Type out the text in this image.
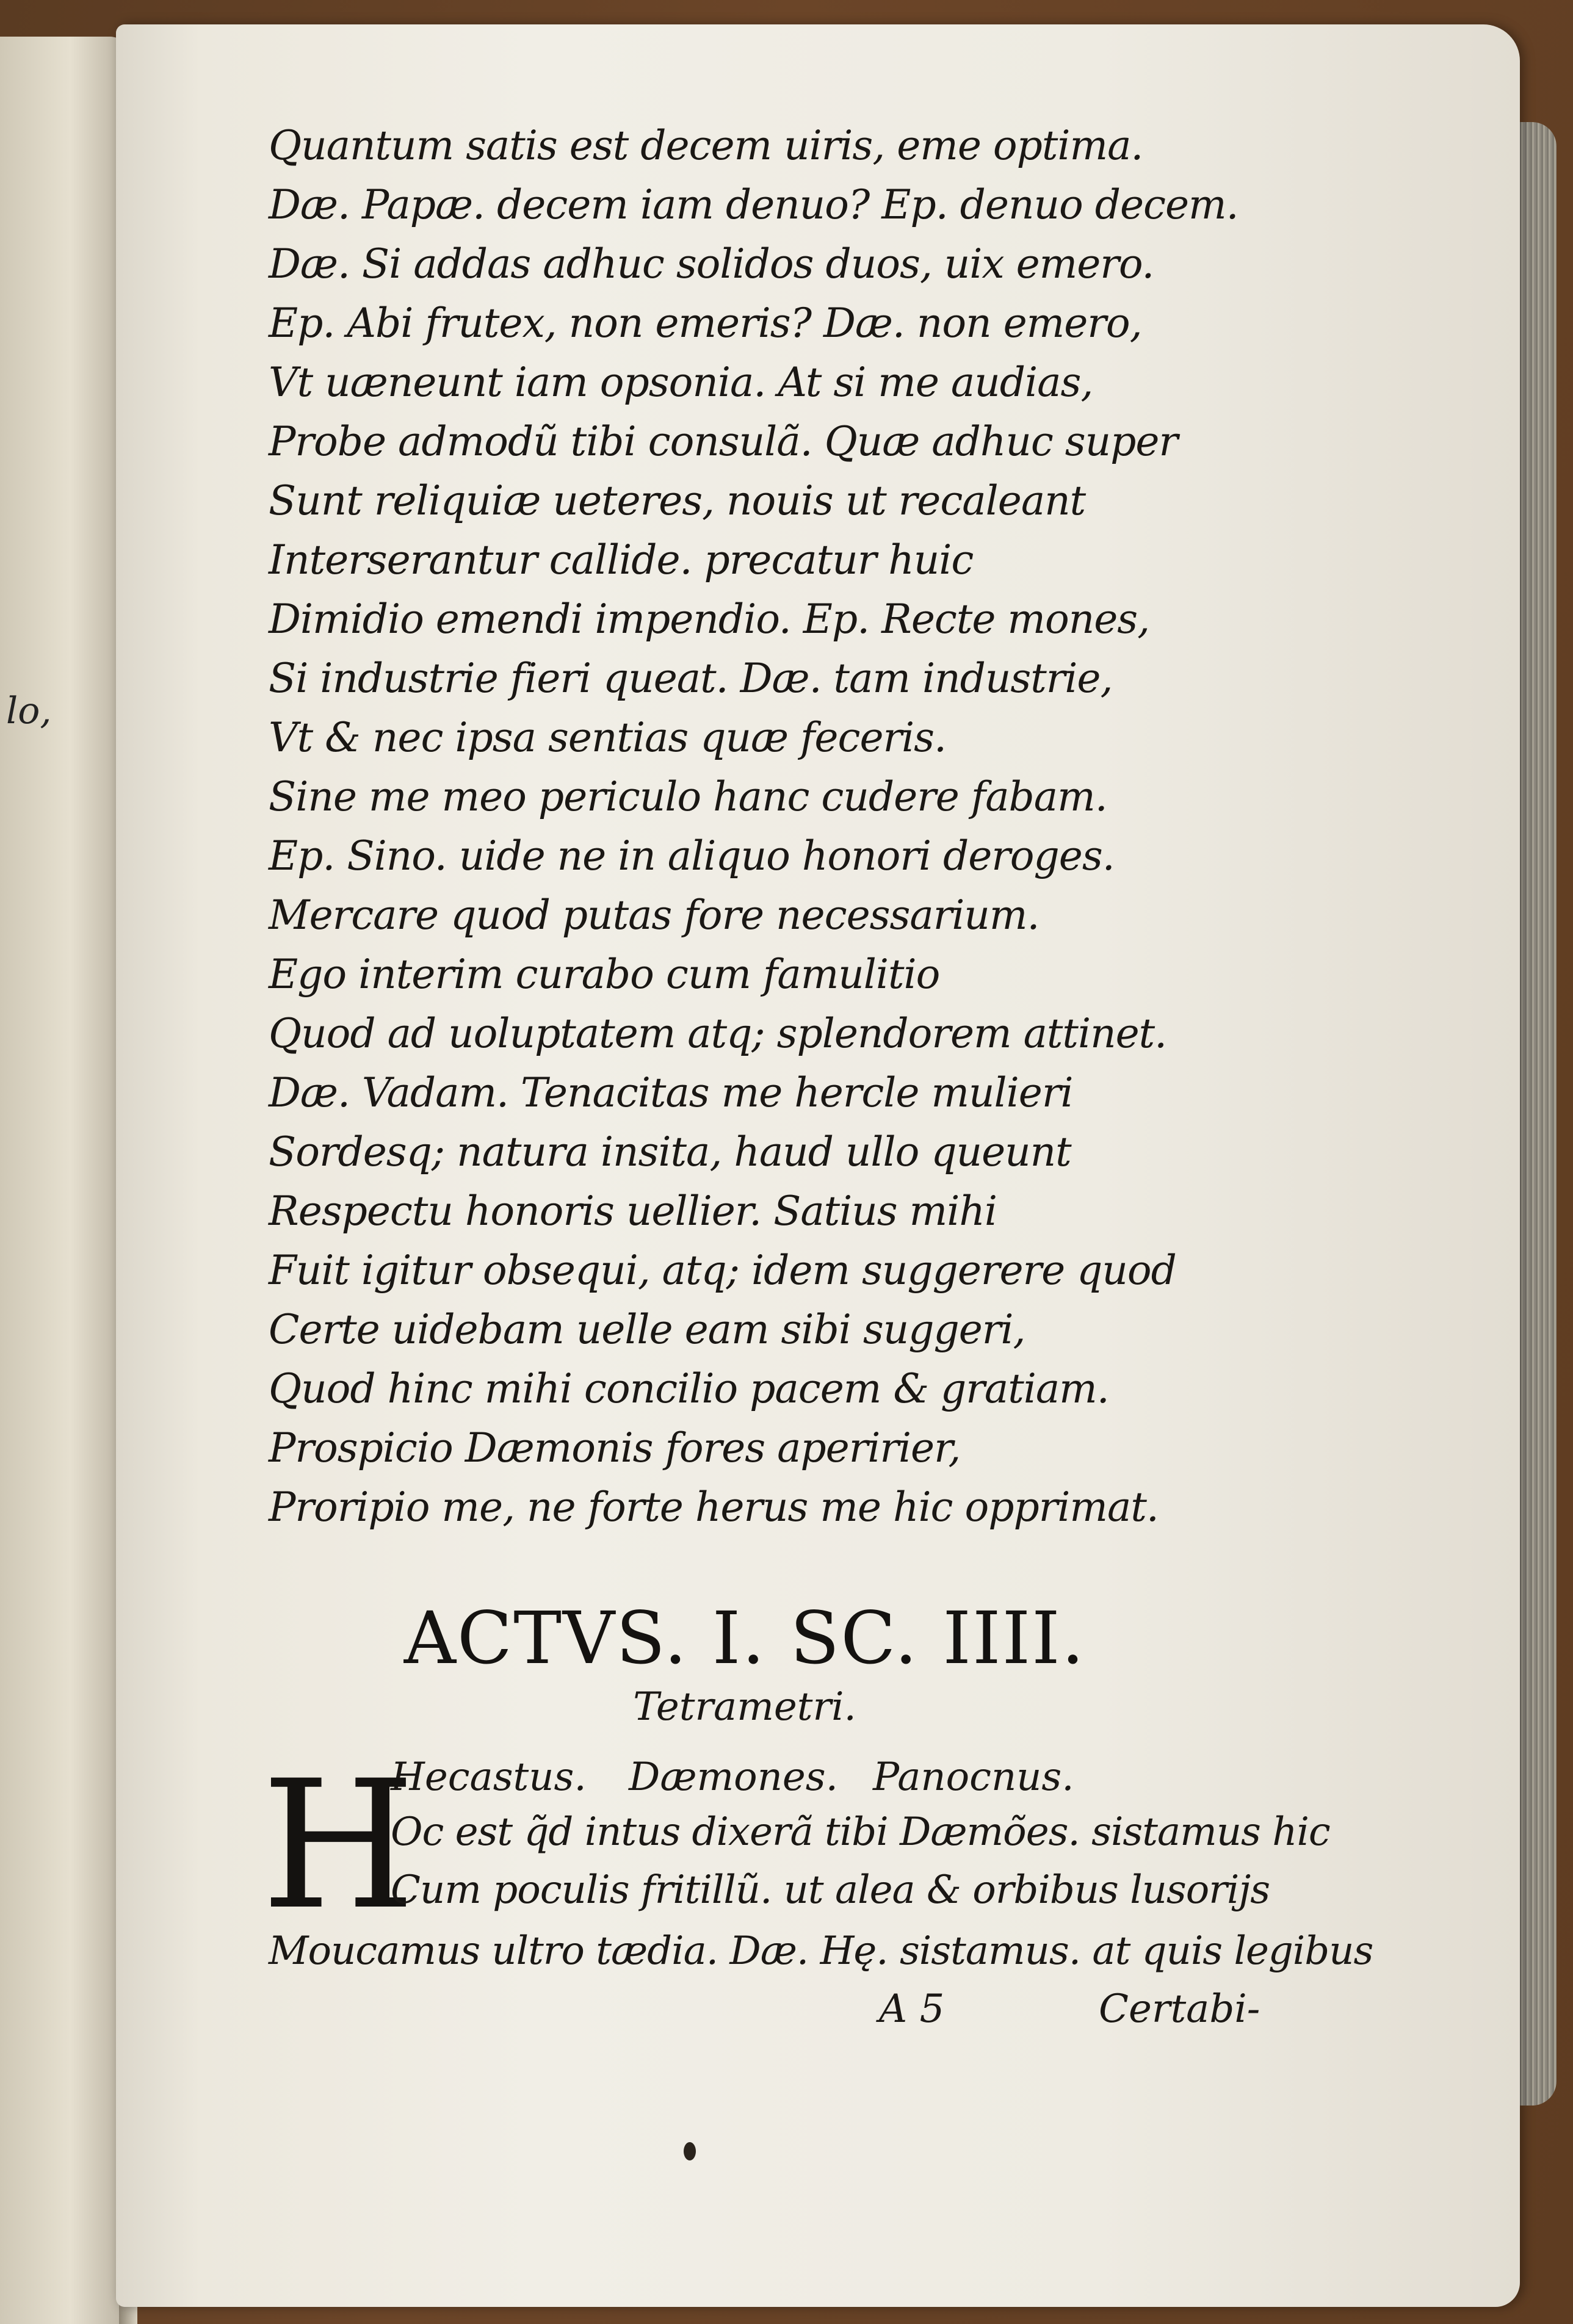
lo,
Quantum satis est decem uiris, eme optima.
Dæ. Papæ. decem iam denuo? Ep. denuo decem.
Dæ. Si addas adhuc solidos duos, uix emero.
Ep. Abi frutex, non emeris? Dæ. non emero,
Vt uæneunt iam opsonia. At si me audias,
Probe admodũ tibi consulã. Quæ adhuc super
Sunt reliquiæ ueteres, nouis ut recaleant
Interserantur callide. precatur huic
Dimidio emendi impendio. Ep. Recte mones,
Si industrie fieri queat. Dæ. tam industrie,
Vt & nec ipsa sentias quæ feceris.
Sine me meo periculo hanc cudere fabam.
Ep. Sino. uide ne in aliquo honori deroges.
Mercare quod putas fore necessarium.
Ego interim curabo cum famulitio
Quod ad uoluptatem atq; splendorem attinet.
Dæ. Vadam. Tenacitas me hercle mulieri
Sordesq; natura insita, haud ullo queunt
Respectu honoris uellier. Satius mihi
Fuit igitur obsequi, atq; idem suggerere quod
Certe uidebam uelle eam sibi suggeri,
Quod hinc mihi concilio pacem & gratiam.
Prospicio Dæmonis fores aperirier,
Proripio me, ne forte herus me hic opprimat.
ACTVS. I. SC. IIII.
Tetrametri.
Hecastus. Dæmones. Panocnus.
H
Oc est q̃d intus dixerã tibi Dæmões. sistamus hic
Cum poculis fritillũ. ut alea & orbibus lusorijs
Moucamus ultro tædia. Dæ. Hę. sistamus. at quis legibus
A 5	Certabi-
